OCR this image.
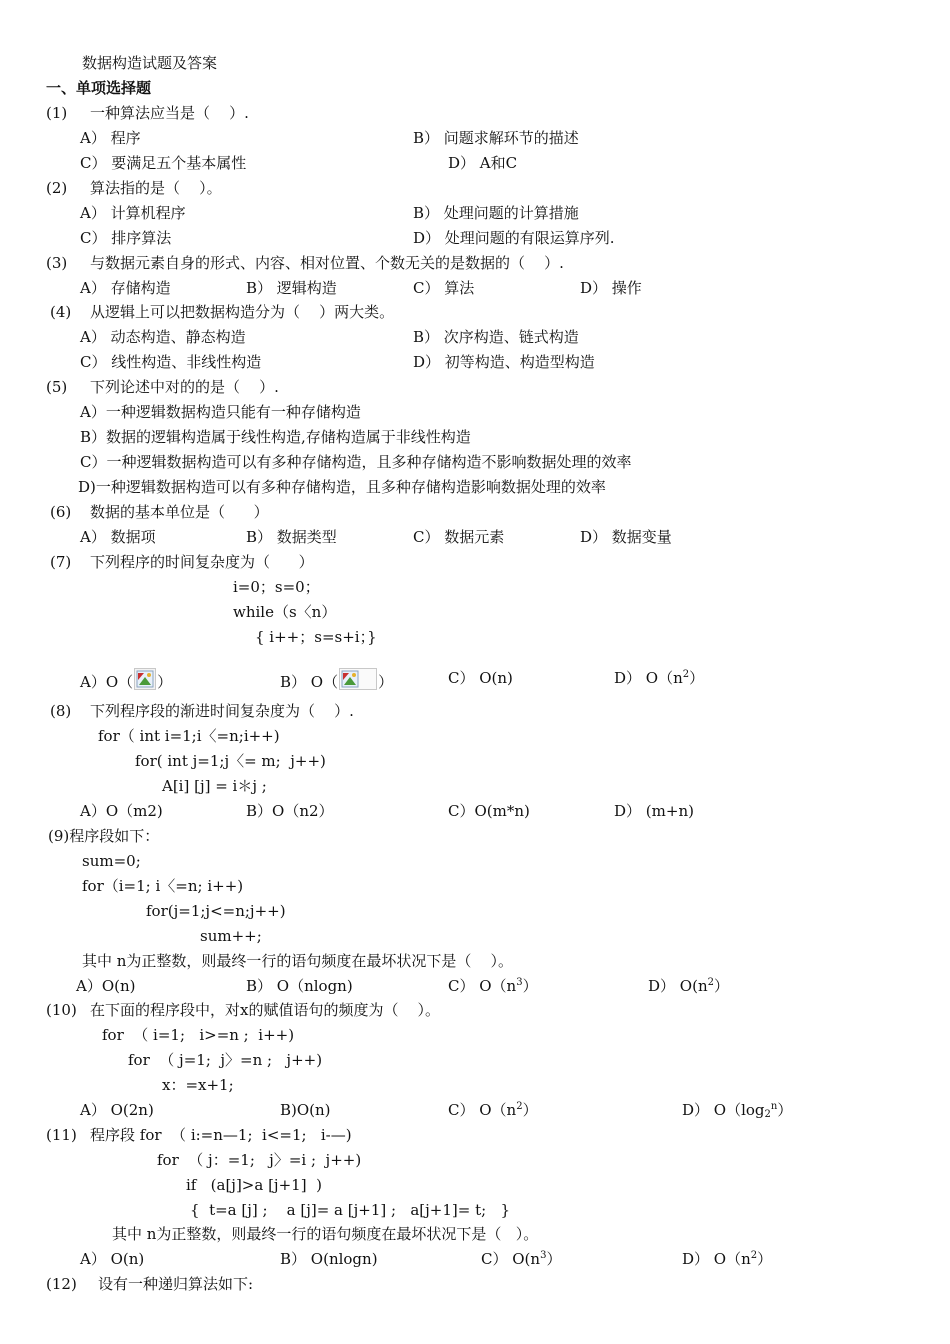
数据构造试题及答案
一、单项选择题
(1) 一种算法应当是（    ）.
A） 程序	B） 问题求解环节的描述
C） 要满足五个基本属性	D） A和C
(2) 算法指的是（    ）。
A） 计算机程序	B） 处理问题的计算措施
C） 排序算法	D） 处理问题的有限运算序列.
(3) 与数据元素自身的形式、内容、相对位置、个数无关的是数据的（    ）.
A） 存储构造	B） 逻辑构造	C） 算法	D） 操作
(4) 从逻辑上可以把数据构造分为（    ）两大类。
A） 动态构造、静态构造	B） 次序构造、链式构造
C） 线性构造、非线性构造	D） 初等构造、构造型构造
(5) 下列论述中对的的是（    ）.
A）一种逻辑数据构造只能有一种存储构造
B）数据的逻辑构造属于线性构造,存储构造属于非线性构造
C）一种逻辑数据构造可以有多种存储构造，且多种存储构造不影响数据处理的效率
D)一种逻辑数据构造可以有多种存储构造，且多种存储构造影响数据处理的效率
(6) 数据的基本单位是（      ）
A） 数据项	B） 数据类型	C） 数据元素	D） 数据变量
(7) 下列程序的时间复杂度为（      ）
i=0；s=0；
while（s〈n）
{ i++；s=s+i；}
A）O（ ）	B） O（	）	C） O(n)	D） $O(n^2)$
(8) 下列程序段的渐进时间复杂度为（    ）.
for（ int i=1;i〈=n;i++)
for( int j=1;j〈= m;  j++)
A[i] [j] = i＊j ;
A）O（m2)	B）O（n2）	C）O(m*n)	D） (m+n)
(9)程序段如下：
sum=0;
for（i=1; i〈=n; i++)
for(j=1;j<=n;j++)
sum++;
其中 n为正整数，则最终一行的语句频度在最坏状况下是（    ）。
A）O(n)	B） O（nlogn)	C） $O(n^3)$	D） $O(n^2)$
(10) 在下面的程序段中，对x的赋值语句的频度为（    ）。
for  （ i=1;   i>=n ;  i++)
for  （ j=1;  j〉=n ;   j++)
x：=x+1;
A） O(2n)	B)O(n)	C） $O(n^2)$	D） $O(\log_2^n)$
(11) 程序段 for  （ i:=n—1;  i<=1;   i-—)
for  （ j：=1;   j〉=i ;  j++)
if   (a[j]>a [j+1]  )
{  t=a [j] ;    a [j]= a [j+1] ;   a[j+1]= t;   }
其中 n为正整数，则最终一行的语句频度在最坏状况下是（   ）。
A） O(n)	B） O(nlogn)	C） $O(n^3)$	D） $O(n^2)$
(12) 设有一种递归算法如下:
